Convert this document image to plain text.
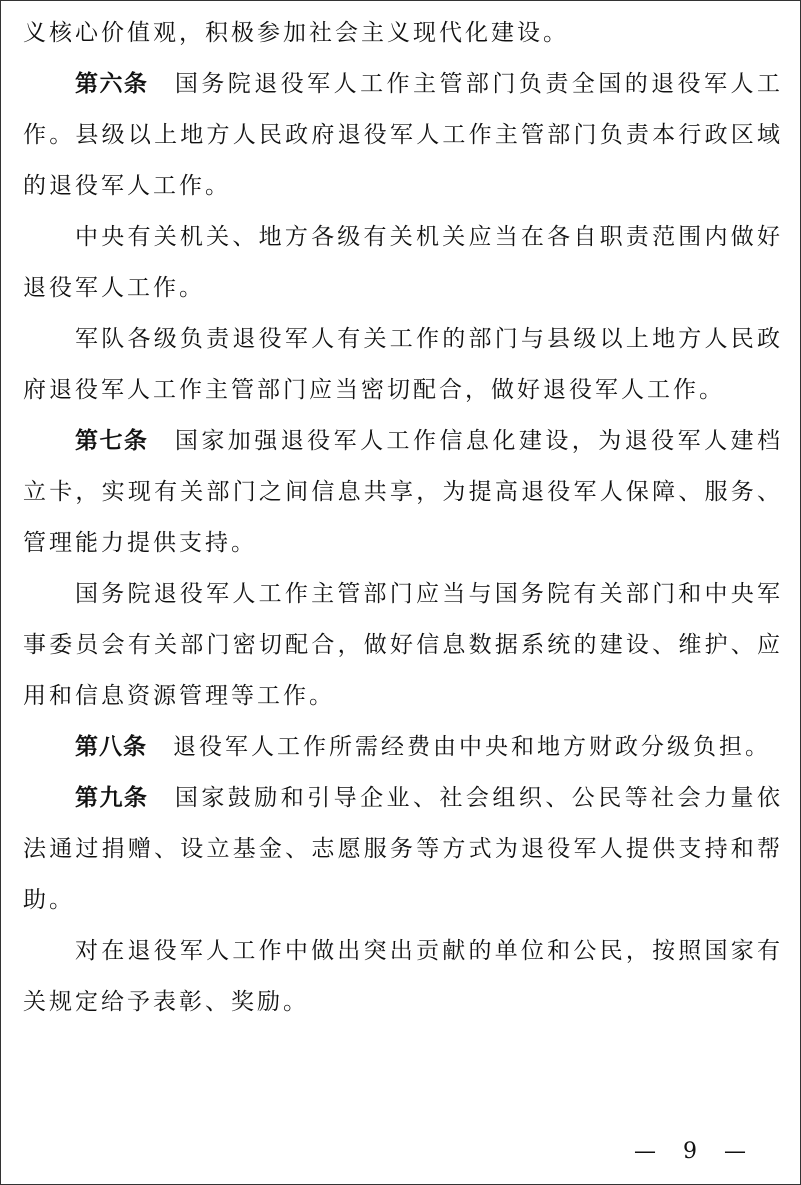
义核心价值观，积极参加社会主义现代化建设。

第六条　国务院退役军人工作主管部门负责全国的退役军人工作。县级以上地方人民政府退役军人工作主管部门负责本行政区域的退役军人工作。

中央有关机关、地方各级有关机关应当在各自职责范围内做好退役军人工作。

军队各级负责退役军人有关工作的部门与县级以上地方人民政府退役军人工作主管部门应当密切配合，做好退役军人工作。

第七条　国家加强退役军人工作信息化建设，为退役军人建档立卡，实现有关部门之间信息共享，为提高退役军人保障、服务、管理能力提供支持。

国务院退役军人工作主管部门应当与国务院有关部门和中央军事委员会有关部门密切配合，做好信息数据系统的建设、维护、应用和信息资源管理等工作。

第八条　退役军人工作所需经费由中央和地方财政分级负担。

第九条　国家鼓励和引导企业、社会组织、公民等社会力量依法通过捐赠、设立基金、志愿服务等方式为退役军人提供支持和帮助。

对在退役军人工作中做出突出贡献的单位和公民，按照国家有关规定给予表彰、奖励。

— 9 —
